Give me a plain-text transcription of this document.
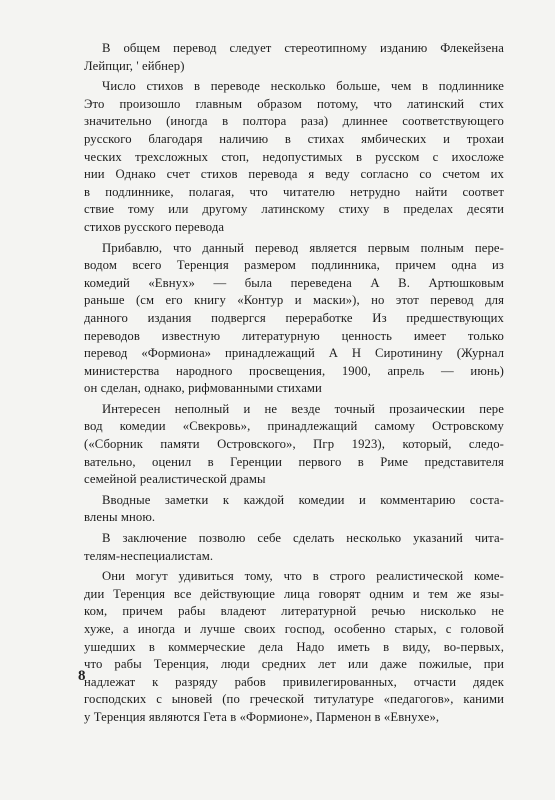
В общем перевод следует стереотипному изданию Флекейзена
Лейпциг, ' ейбнер)

Число стихов в переводе несколько больше, чем в подлиннике
Это произошло главным образом потому, что латинский стих
значительно (иногда в полтора раза) длиннее соответствующего
русского благодаря наличию в стихах ямбических и трохаи
ческих трехсложных стоп, недопустимых в русском с ихосложе
нии Однако счет стихов перевода я веду согласно со счетом их
в подлиннике, полагая, что читателю нетрудно найти соответ
ствие тому или другому латинскому стиху в пределах десяти
стихов русского перевода

Прибавлю, что данный перевод является первым полным пере-
водом всего Теренция размером подлинника, причем одна из
комедий «Евнух» — была переведена А В. Артюшковым
раньше (см его книгу «Контур и маски»), но этот перевод для
данного издания подвергся переработке Из предшествующих
переводов известную литературную ценность имеет только
перевод «Формиона» принадлежащий А Н Сиротинину (Журнал
министерства народного просвещения, 1900, апрель — июнь)
он сделан, однако, рифмованными стихами

Интересен неполный и не везде точный прозаическии пере
вод комедии «Свекровь», принадлежащий самому Островскому
(«Сборник памяти Островского», Пгр 1923), который, следо-
вательно, оценил в Геренции первого в Риме представителя
семейной реалистической драмы

Вводные заметки к каждой комедии и комментарию соста-
влены мною.

В заключение позволю себе сделать несколько указаний чита-
телям-неспециалистам.

Они могут удивиться тому, что в строго реалистической коме-
дии Теренция все действующие лица говорят одним и тем же язы-
ком, причем рабы владеют литературной речью нисколько не
хуже, а иногда и лучше своих господ, особенно старых, с головой
ушедших в коммерческие дела Надо иметь в виду, во-первых,
что рабы Теренция, люди средних лет или даже пожилые, при
надлежат к разряду рабов привилегированных, отчасти дядек
господских с ыновей (по греческой титулатуре «педагогов», каними
у Теренция являются Гета в «Формионе», Парменон в «Евнухе»,

8
